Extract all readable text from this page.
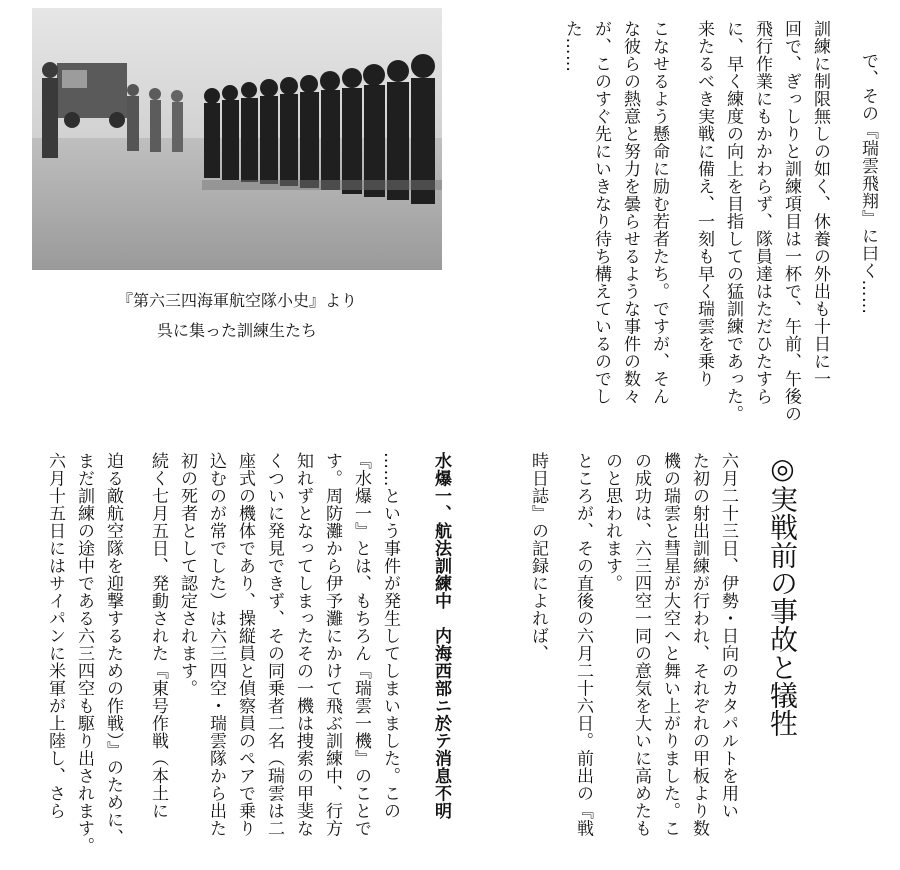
で、その『瑞雲飛翔』に曰く……

訓練に制限無しの如く、休養の外出も十日に一

回で、ぎっしりと訓練項目は一杯で、午前、午後の

飛行作業にもかかわらず、隊員達はただひたすら

に、早く練度の向上を目指しての猛訓練であった。

来たるべき実戦に備え、一刻も早く瑞雲を乗り

こなせるよう懸命に励む若者たち。ですが、そん

な彼らの熱意と努力を曇らせるような事件の数々

が、このすぐ先にいきなり待ち構えているのでし

た……

『第六三四海軍航空隊小史』より

呉に集った訓練生たち

◎実戦前の事故と犠牲

六月二十三日、伊勢・日向のカタパルトを用い

た初の射出訓練が行われ、それぞれの甲板より数

機の瑞雲と彗星が大空へと舞い上がりました。こ

の成功は、六三四空一同の意気を大いに高めたも

のと思われます。

ところが、その直後の六月二十六日。前出の『戦

時日誌』の記録によれば、

水爆一、航法訓練中　内海西部ニ於テ消息不明

……という事件が発生してしまいました。この

『水爆一』とは、もちろん『瑞雲一機』のことで

す。周防灘から伊予灘にかけて飛ぶ訓練中、行方

知れずとなってしまったその一機は捜索の甲斐な

くついに発見できず、その同乗者二名（瑞雲は二

座式の機体であり、操縦員と偵察員のペアで乗り

込むのが常でした）は六三四空・瑞雲隊から出た

初の死者として認定されます。

続く七月五日、発動された『東号作戦（本土に

迫る敵航空隊を迎撃するための作戦）』のために、

まだ訓練の途中である六三四空も駆り出されます。

六月十五日にはサイパンに米軍が上陸し、さら
